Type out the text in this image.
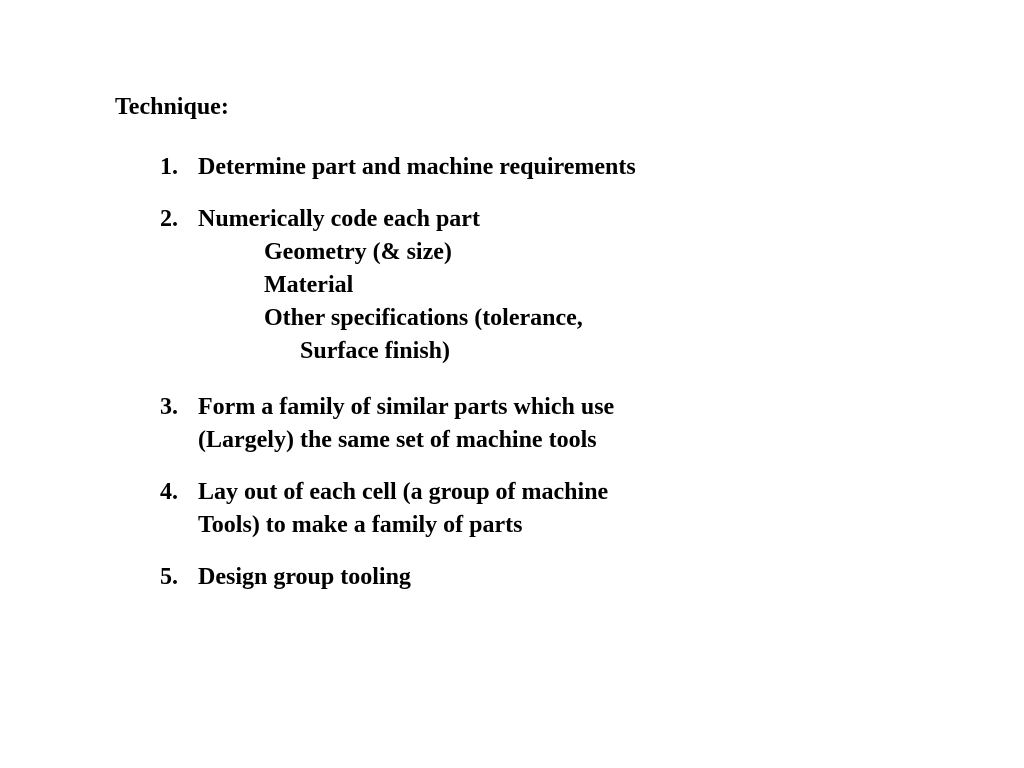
Technique:
1. Determine part and machine requirements
2. Numerically code each part
Geometry (& size)
Material
Other specifications (tolerance,
Surface finish)
3. Form a family of similar parts which use
(Largely) the same set of machine tools
4. Lay out of each cell (a group of machine
Tools) to make a family of parts
5. Design group tooling
